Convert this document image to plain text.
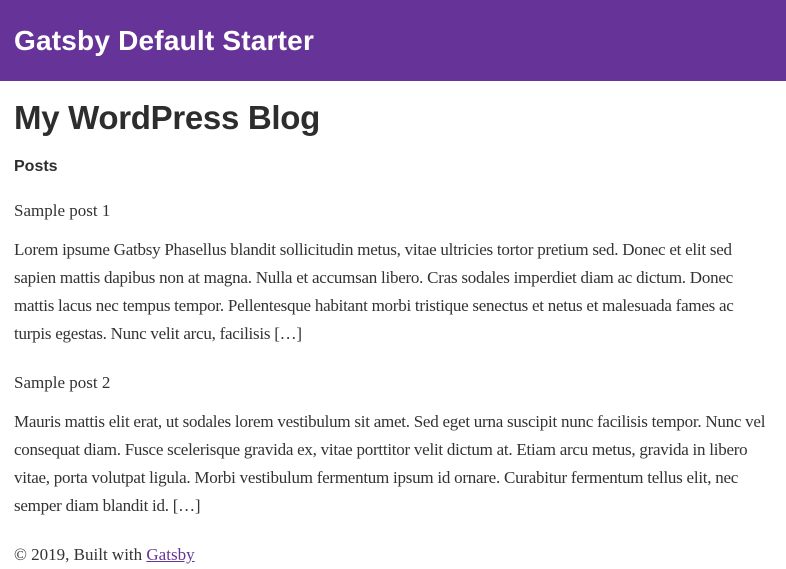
Gatsby Default Starter
My WordPress Blog
Posts

Sample post 1

Lorem ipsume Gatbsy Phasellus blandit sollicitudin metus, vitae ultricies tortor pretium sed. Donec et elit sed sapien mattis dapibus non at magna. Nulla et accumsan libero. Cras sodales imperdiet diam ac dictum. Donec mattis lacus nec tempus tempor. Pellentesque habitant morbi tristique senectus et netus et malesuada fames ac turpis egestas. Nunc velit arcu, facilisis […]

Sample post 2

Mauris mattis elit erat, ut sodales lorem vestibulum sit amet. Sed eget urna suscipit nunc facilisis tempor. Nunc vel consequat diam. Fusce scelerisque gravida ex, vitae porttitor velit dictum at. Etiam arcu metus, gravida in libero vitae, porta volutpat ligula. Morbi vestibulum fermentum ipsum id ornare. Curabitur fermentum tellus elit, nec semper diam blandit id. […]

© 2019, Built with Gatsby
